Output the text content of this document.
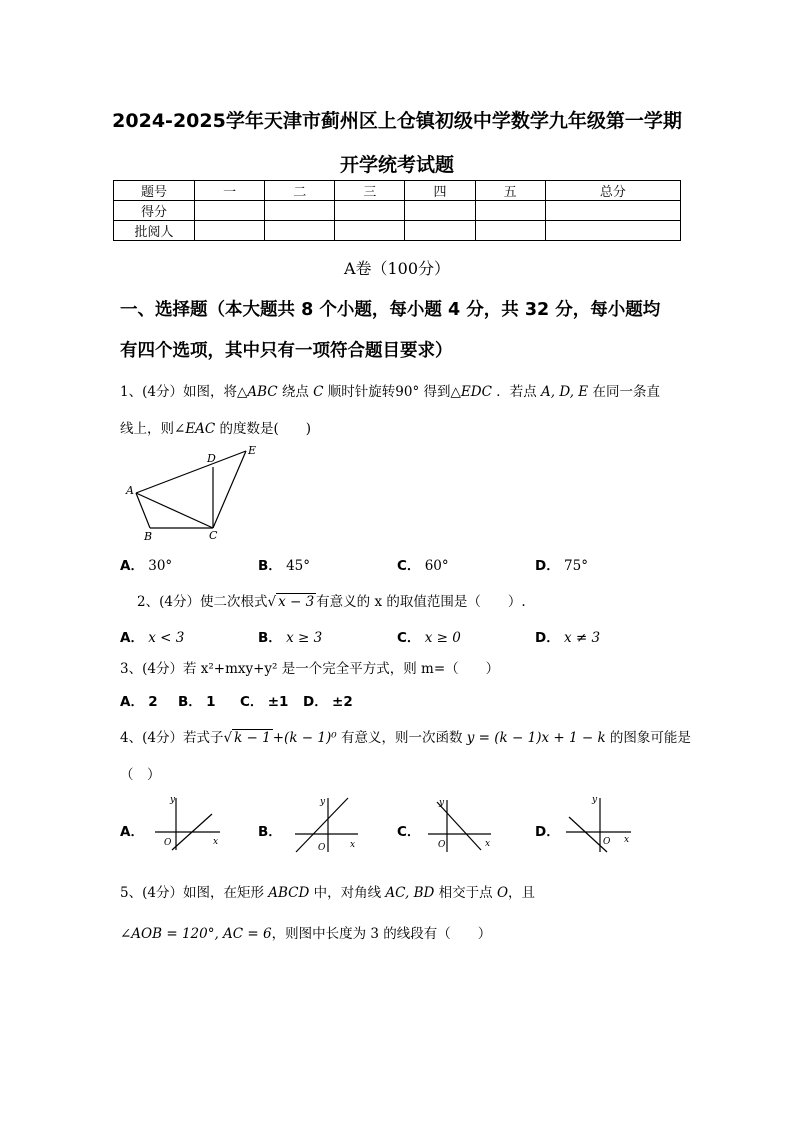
2024-2025学年天津市蓟州区上仓镇初级中学数学九年级第一学期
开学统考试题
题号	一	二	三	四	五	总分
得分						
批阅人						
A卷（100分）
一、选择题（本大题共 8 个小题，每小题 4 分，共 32 分，每小题均
有四个选项，其中只有一项符合题目要求）
1、(4分）如图，将△ABC 绕点 C 顺时针旋转90° 得到△EDC ．若点 A, D, E 在同一条直
线上，则∠EAC 的度数是(　　)
A
B	C
D
E
A． 30°	B． 45°	C． 60°	D． 75°
2、(4分）使二次根式√ x − 3 有意义的 x 的取值范围是（　　）.
A． x < 3	B． x ≥ 3	C． x ≥ 0	D． x ≠ 3
3、(4分）若 x²+mxy+y² 是一个完全平方式，则 m=（　　）
A． 2 B． 1 C． ±1 D． ±2
4、(4分）若式子√ k − 1 +(k − 1)⁰ 有意义，则一次函数 y = (k − 1)x + 1 − k 的图象可能是
（　）
A．	B．	C．	D．
y
x
O
y
x
O
y
x
O
y
x
O
5、(4分）如图，在矩形 ABCD 中，对角线 AC, BD 相交于点 O，且
∠AOB = 120°, AC = 6，则图中长度为 3 的线段有（　　）
